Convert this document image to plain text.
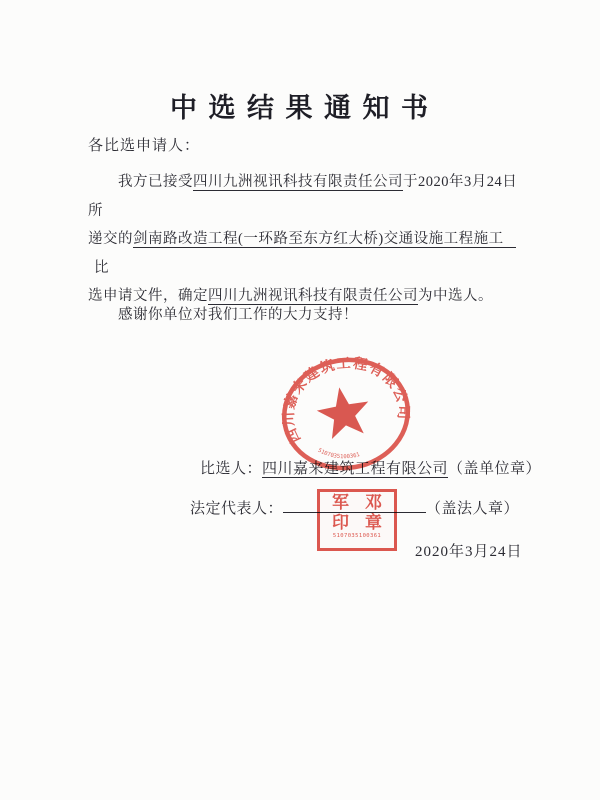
中 选 结 果 通 知 书
各比选申请人：
我方已接受四川九洲视讯科技有限责任公司于2020年3月24日所
递交的剑南路改造工程(一环路至东方红大桥)交通设施工程施工比
选申请文件，确定四川九洲视讯科技有限责任公司为中选人。
感谢你单位对我们工作的大力支持！
四川嘉来建筑工程有限公司
5107035100361
比选人：四川嘉来建筑工程有限公司（盖单位章）
法定代表人：	（盖法人章）
军 邓
印 章
5107035100361
2020年3月24日
